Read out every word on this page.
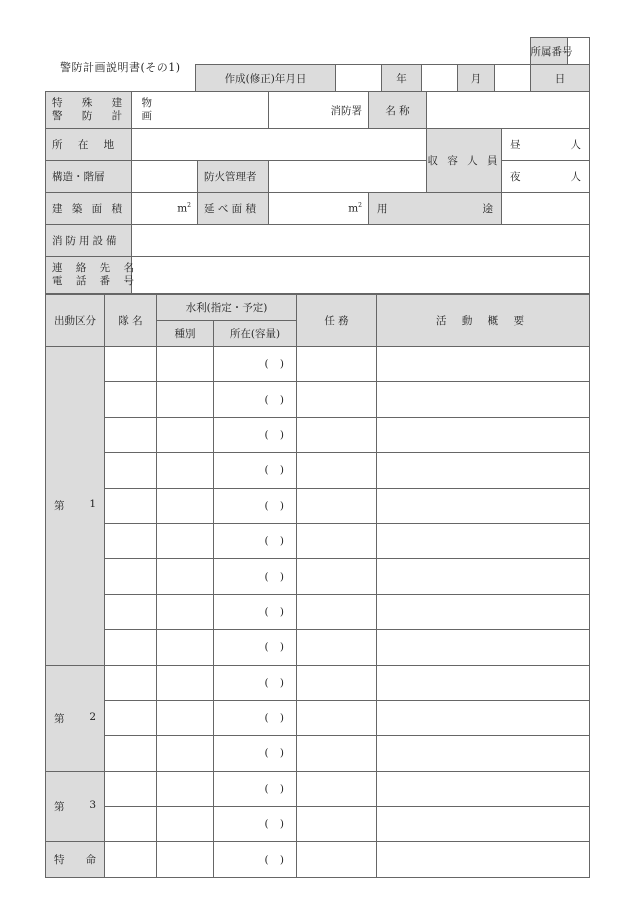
警防計画説明書(その1)
	所属番号	
作成(修正)年月日		年		月		日
特 殊 建 物
警 防 計 画			消防署	名 称		
所 在 地					収 容 人 員	昼 人

構造・階層		防火管理者				夜 人

建 築 面 積	$m^2$	延 べ 面 積	$m^2$	用 途		

消防用設備						

連 絡 先 名
電 話 番 号						

出動区分	隊 名	水利(指定・予定)		任 務	活 動 概 要
		種別	所在(容量)		

第 1			( )		
			( )		
			( )		
			( )		
			( )		
			( )		
			( )		
			( )		
			( )		

第 2			( )		
			( )		
			( )		

第 3			( )		
			( )		

特 命			( )		
